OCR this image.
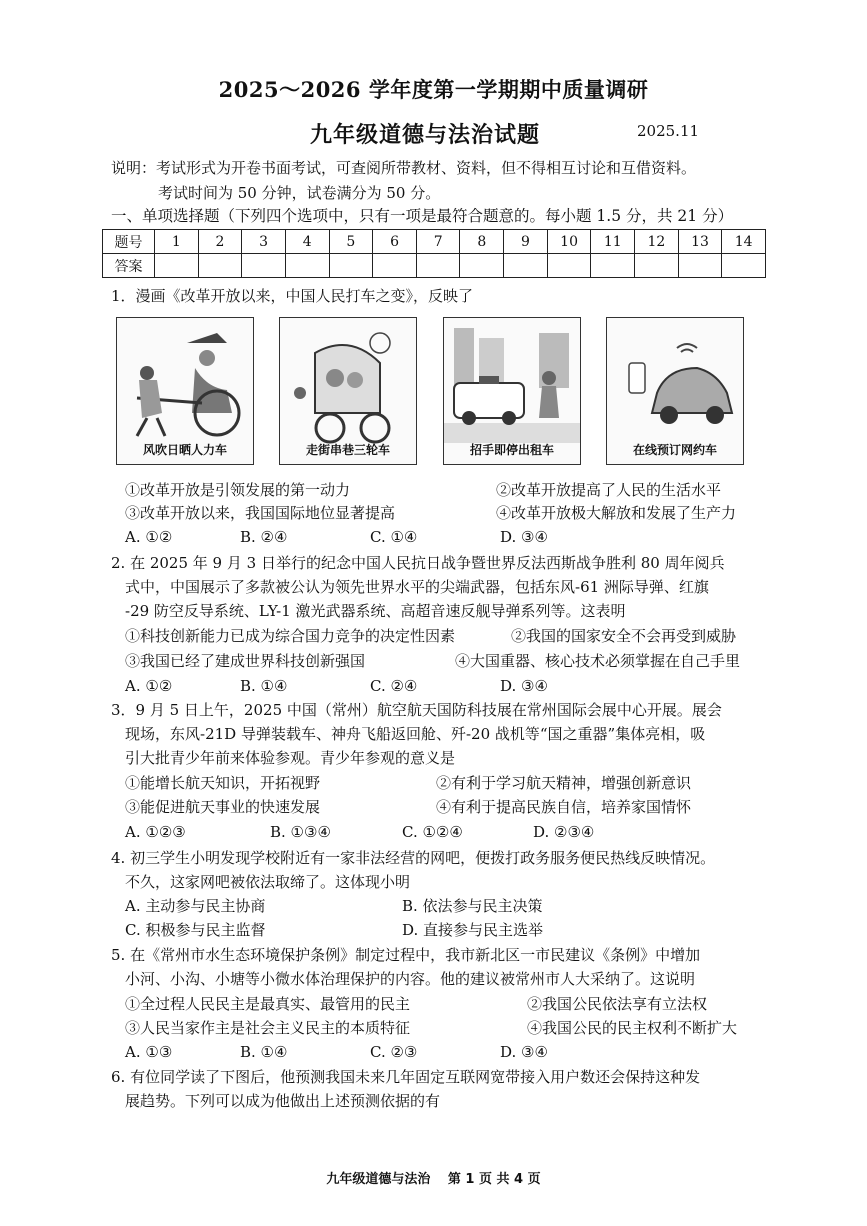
2025～2026 学年度第一学期期中质量调研
九年级道德与法治试题	2025.11
说明：考试形式为开卷书面考试，可查阅所带教材、资料，但不得相互讨论和互借资料。
考试时间为 50 分钟，试卷满分为 50 分。
一、单项选择题（下列四个选项中，只有一项是最符合题意的。每小题 1.5 分，共 21 分）
题号	1	2	3	4	5	6	7	8	9	10	11	12	13	14
答案														
1．漫画《改革开放以来，中国人民打车之变》，反映了
风吹日晒人力车	走街串巷三轮车	招手即停出租车	在线预订网约车
①改革开放是引领发展的第一动力	②改革开放提高了人民的生活水平
③改革开放以来，我国国际地位显著提高	④改革开放极大解放和发展了生产力
A. ①②	B. ②④	C. ①④	D. ③④
2. 在 2025 年 9 月 3 日举行的纪念中国人民抗日战争暨世界反法西斯战争胜利 80 周年阅兵
式中，中国展示了多款被公认为领先世界水平的尖端武器，包括东风-61 洲际导弹、红旗
-29 防空反导系统、LY-1 激光武器系统、高超音速反舰导弹系列等。这表明
①科技创新能力已成为综合国力竞争的决定性因素	②我国的国家安全不会再受到威胁
③我国已经了建成世界科技创新强国	④大国重器、核心技术必须掌握在自己手里
A. ①②	B. ①④	C. ②④	D. ③④
3．9 月 5 日上午，2025 中国（常州）航空航天国防科技展在常州国际会展中心开展。展会
现场，东风-21D 导弹装载车、神舟飞船返回舱、歼-20 战机等“国之重器”集体亮相，吸
引大批青少年前来体验参观。青少年参观的意义是
①能增长航天知识，开拓视野	②有利于学习航天精神，增强创新意识
③能促进航天事业的快速发展	④有利于提高民族自信，培养家国情怀
A. ①②③	B. ①③④	C. ①②④	D. ②③④
4. 初三学生小明发现学校附近有一家非法经营的网吧，便拨打政务服务便民热线反映情况。
不久，这家网吧被依法取缔了。这体现小明
A. 主动参与民主协商	B. 依法参与民主决策
C. 积极参与民主监督	D. 直接参与民主选举
5. 在《常州市水生态环境保护条例》制定过程中，我市新北区一市民建议《条例》中增加
小河、小沟、小塘等小微水体治理保护的内容。他的建议被常州市人大采纳了。这说明
①全过程人民民主是最真实、最管用的民主	②我国公民依法享有立法权
③人民当家作主是社会主义民主的本质特征	④我国公民的民主权利不断扩大
A. ①③	B. ①④	C. ②③	D. ③④
6. 有位同学读了下图后，他预测我国未来几年固定互联网宽带接入用户数还会保持这种发
展趋势。下列可以成为他做出上述预测依据的有
九年级道德与法治　 第 1 页 共 4 页
